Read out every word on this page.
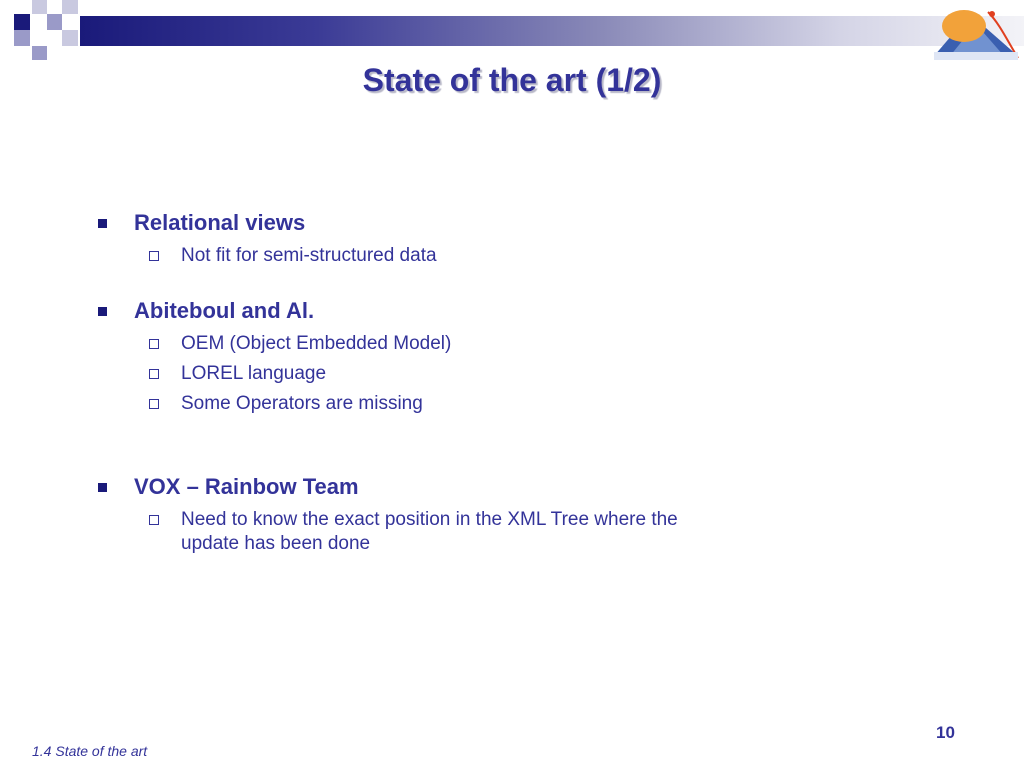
State of the art (1/2)
Relational views
Not fit for semi-structured data
Abiteboul and Al.
OEM (Object Embedded Model)
LOREL language
Some Operators are missing
VOX – Rainbow Team
Need to know the exact position in the XML Tree where the update has been done
1.4 State of the art
10
